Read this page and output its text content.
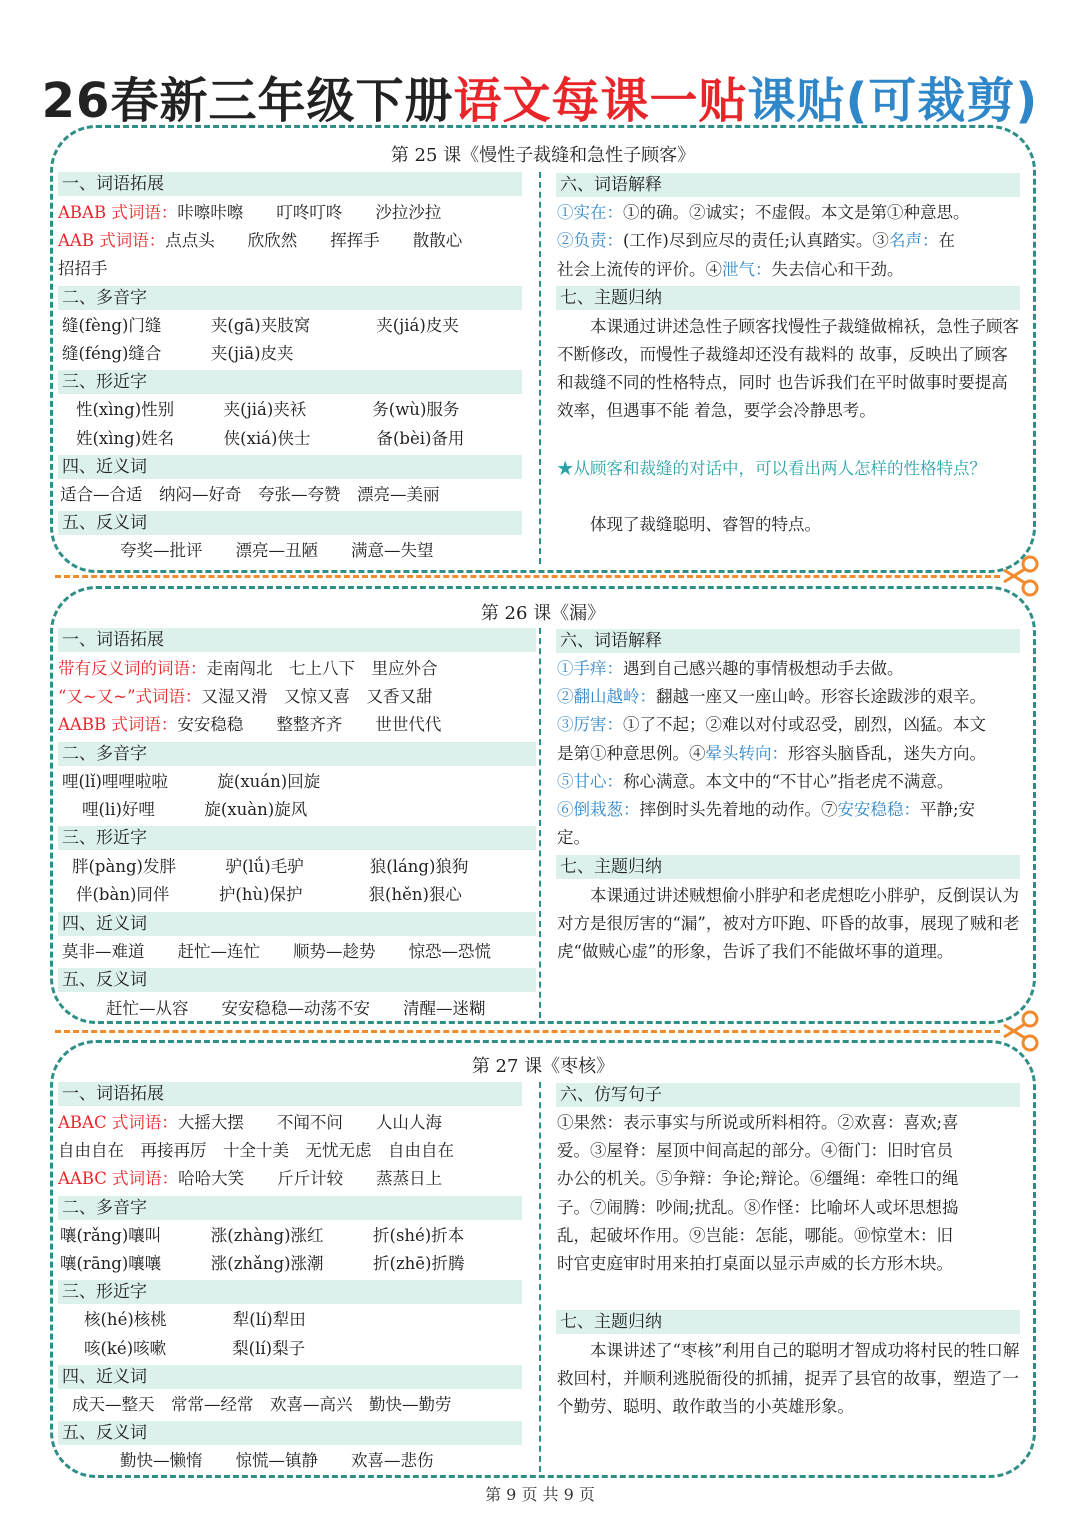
26春新三年级下册语文每课一贴课贴(可裁剪)
第 25 课《慢性子裁缝和急性子顾客》
一、词语拓展
ABAB 式词语：咔嚓咔嚓　　叮咚叮咚　　沙拉沙拉
AAB 式词语：点点头　　欣欣然　　挥挥手　　散散心
招招手
二、多音字
缝(fèng)门缝　　　夹(gā)夹肢窝　　　　夹(jiá)皮夹
缝(féng)缝合　　　夹(jiā)皮夹
三、形近字
性(xìng)性别　　　夹(jiá)夹袄　　　　务(wù)服务
姓(xìng)姓名　　　侠(xiá)侠士　　　　备(bèi)备用
四、近义词
适合—合适　纳闷—好奇　夸张—夸赞　漂亮—美丽
五、反义词
夸奖—批评　　漂亮—丑陋　　满意—失望
六、词语解释
①实在：①的确。②诚实；不虚假。本文是第①种意思。
②负责：(工作)尽到应尽的责任;认真踏实。③名声：在
社会上流传的评价。④泄气：失去信心和干劲。
七、主题归纳
本课通过讲述急性子顾客找慢性子裁缝做棉袄，急性子顾客不断修改，而慢性子裁缝却还没有裁料的 故事，反映出了顾客和裁缝不同的性格特点，同时 也告诉我们在平时做事时要提高效率，但遇事不能 着急，要学会冷静思考。
★从顾客和裁缝的对话中，可以看出两人怎样的性格特点？
体现了裁缝聪明、睿智的特点。
第 26 课《漏》
一、词语拓展
带有反义词的词语：走南闯北　七上八下　里应外合
“又~又~”式词语：又湿又滑　又惊又喜　又香又甜
AABB 式词语：安安稳稳　　整整齐齐　　世世代代
二、多音字
哩(lǐ)哩哩啦啦　　　旋(xuán)回旋
哩(li)好哩　　　旋(xuàn)旋风
三、形近字
胖(pàng)发胖　　　驴(lǘ)毛驴　　　　狼(láng)狼狗
伴(bàn)同伴　　　护(hù)保护　　　　狠(hěn)狠心
四、近义词
莫非—难道　　赶忙—连忙　　顺势—趁势　　惊恐—恐慌
五、反义词
赶忙—从容　　安安稳稳—动荡不安　　清醒—迷糊
六、词语解释
①手痒：遇到自己感兴趣的事情极想动手去做。
②翻山越岭：翻越一座又一座山岭。形容长途跋涉的艰辛。
③厉害：①了不起；②难以对付或忍受，剧烈，凶猛。本文
是第①种意思例。④晕头转向：形容头脑昏乱，迷失方向。
⑤甘心：称心满意。本文中的“不甘心”指老虎不满意。
⑥倒栽葱：摔倒时头先着地的动作。⑦安安稳稳：平静;安
定。
七、主题归纳
本课通过讲述贼想偷小胖驴和老虎想吃小胖驴，反倒误认为对方是很厉害的“漏”，被对方吓跑、吓昏的故事，展现了贼和老虎“做贼心虚”的形象，告诉了我们不能做坏事的道理。
第 27 课《枣核》
一、词语拓展
ABAC 式词语：大摇大摆　　不闻不问　　人山人海
自由自在　再接再厉　十全十美　无忧无虑　自由自在
AABC 式词语：哈哈大笑　　斤斤计较　　蒸蒸日上
二、多音字
嚷(rǎng)嚷叫　　　涨(zhàng)涨红　　　折(shé)折本
嚷(rāng)嚷嚷　　　涨(zhǎng)涨潮　　　折(zhē)折腾
三、形近字
核(hé)核桃　　　　犁(lí)犁田
咳(ké)咳嗽　　　　梨(lí)梨子
四、近义词
成天—整天　常常—经常　欢喜—高兴　勤快—勤劳
五、反义词
勤快—懒惰　　惊慌—镇静　　欢喜—悲伤
六、仿写句子
①果然：表示事实与所说或所料相符。②欢喜：喜欢;喜
爱。③屋脊：屋顶中间高起的部分。④衙门：旧时官员
办公的机关。⑤争辩：争论;辩论。⑥缰绳：牵牲口的绳
子。⑦闹腾：吵闹;扰乱。⑧作怪：比喻坏人或坏思想捣
乱，起破坏作用。⑨岂能：怎能，哪能。⑩惊堂木：旧
时官吏庭审时用来拍打桌面以显示声威的长方形木块。
七、主题归纳
本课讲述了“枣核”利用自己的聪明才智成功将村民的牲口解救回村，并顺利逃脱衙役的抓捕，捉弄了县官的故事，塑造了一个勤劳、聪明、敢作敢当的小英雄形象。
第 9 页 共 9 页
